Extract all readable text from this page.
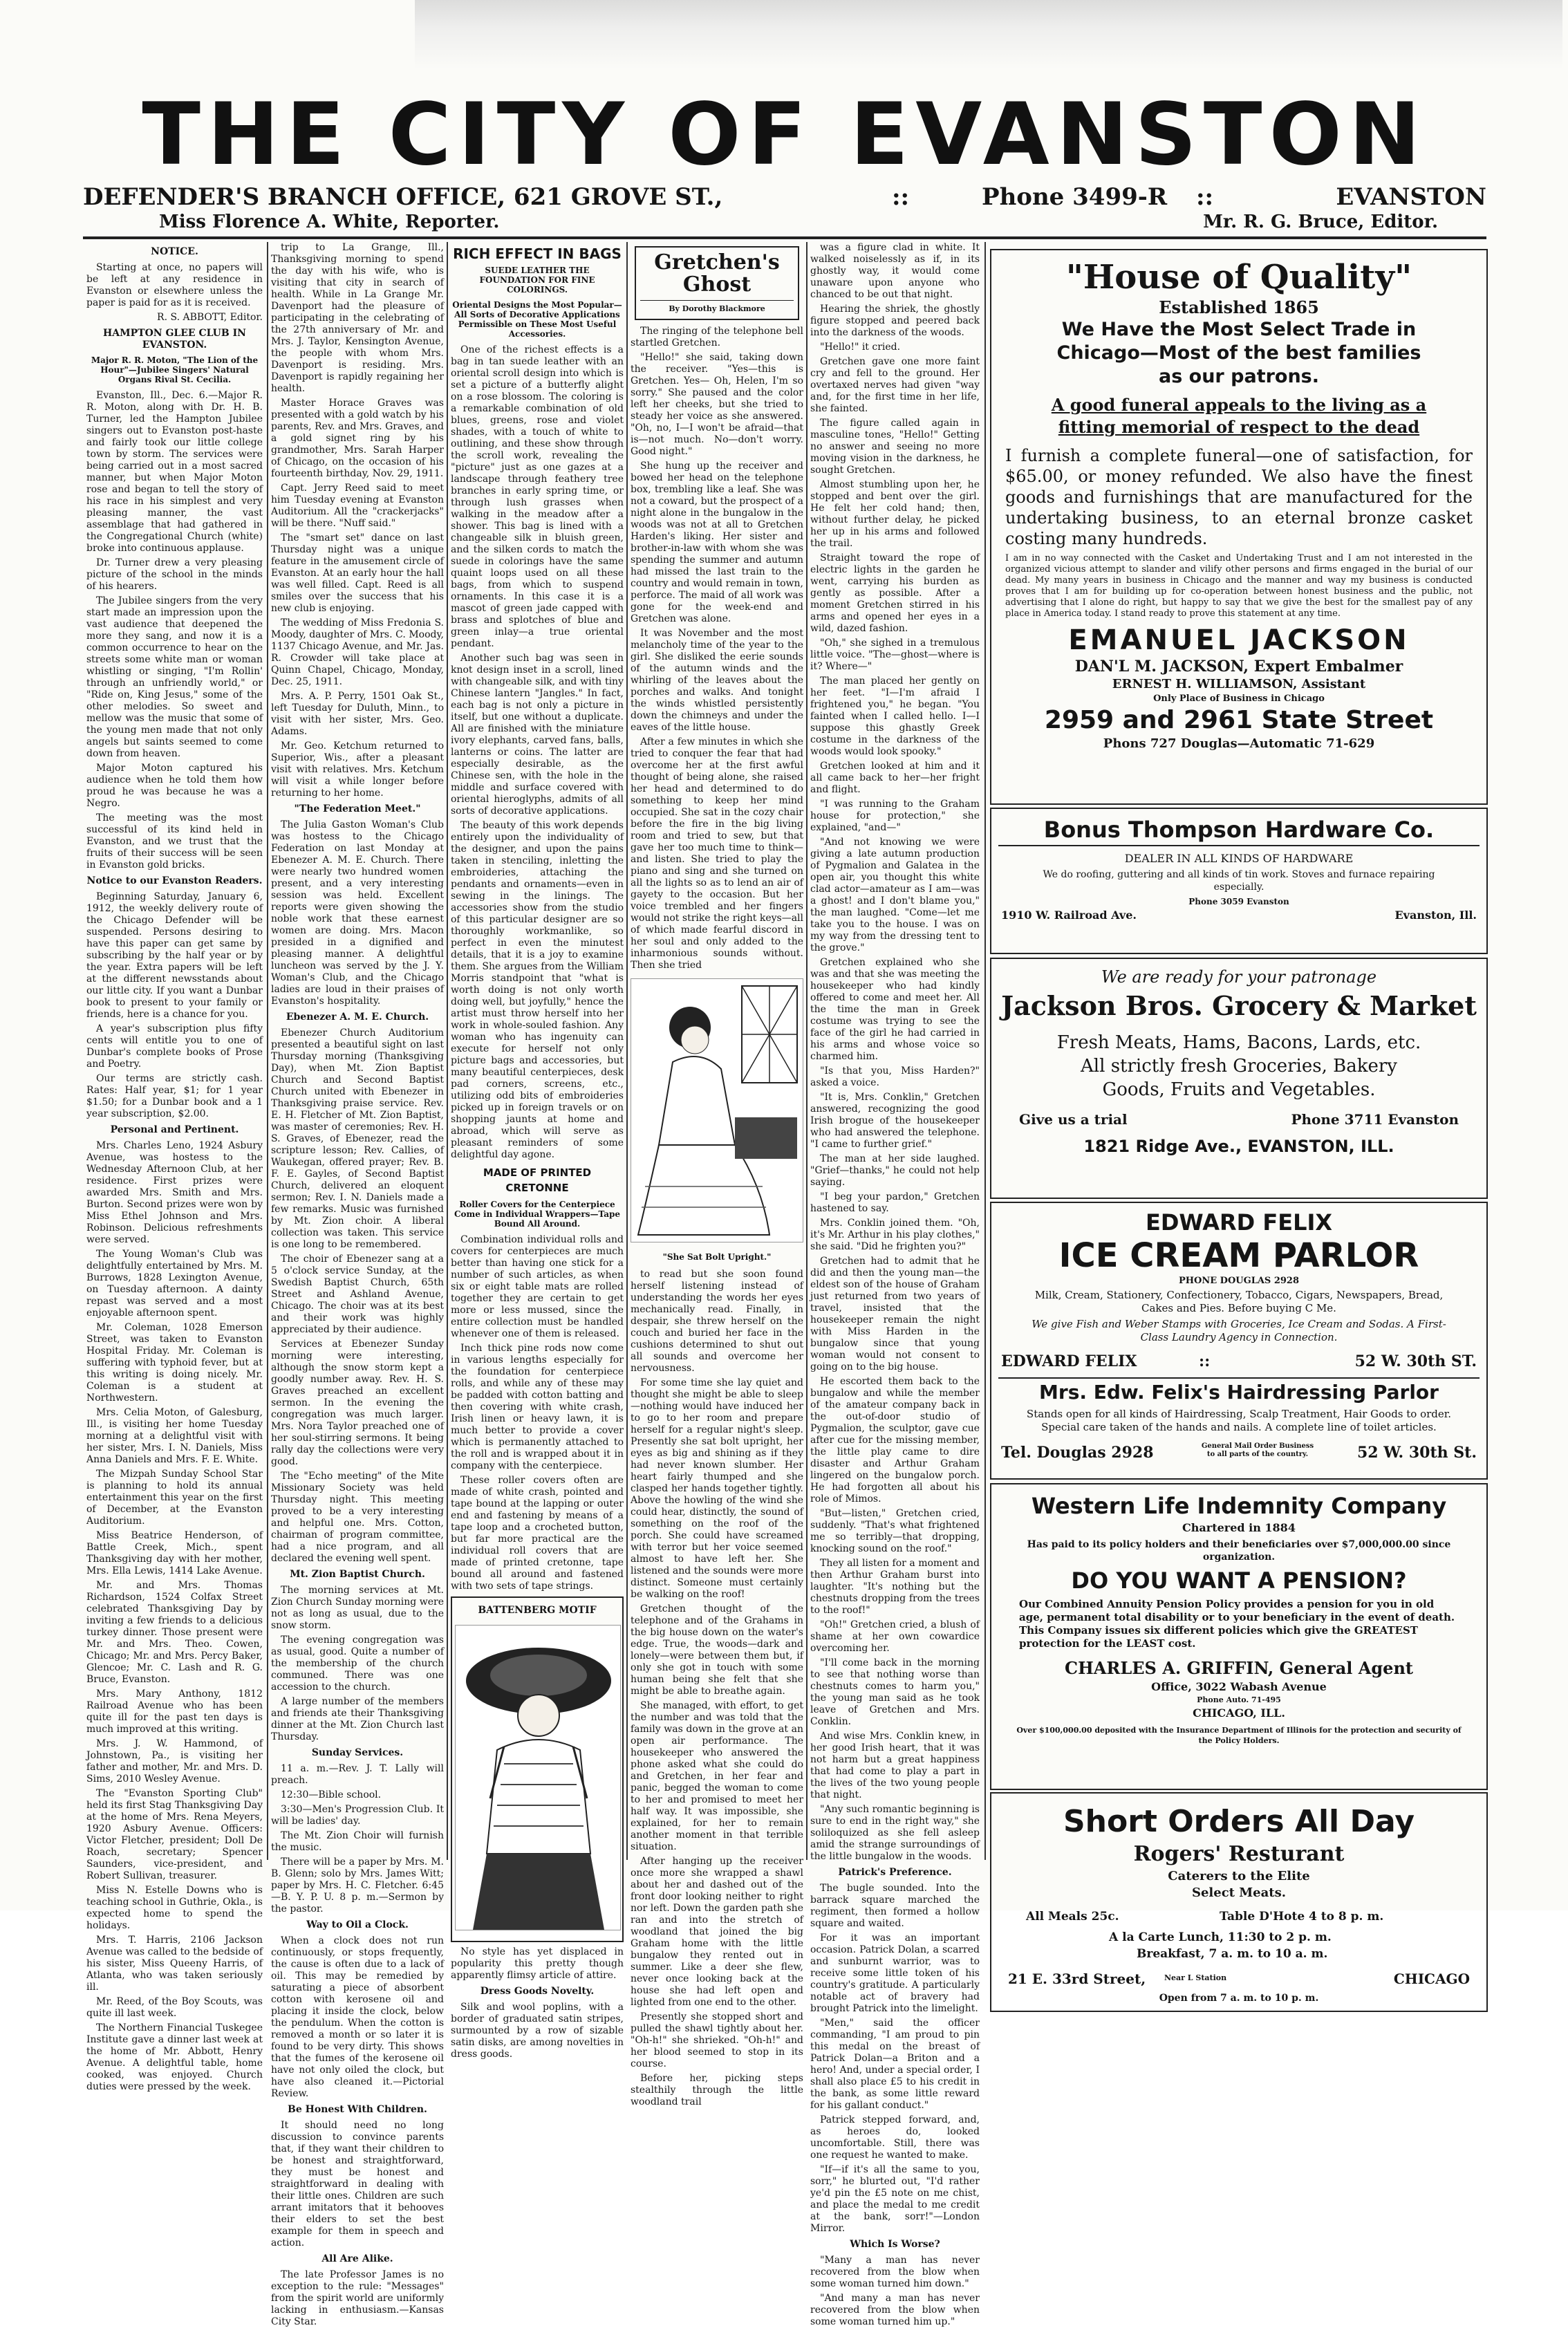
THE CITY OF EVANSTON
DEFENDER'S BRANCH OFFICE, 621 GROVE ST.,	::	Phone 3499-R ::	EVANSTON
Miss Florence A. White, Reporter.	Mr. R. G. Bruce, Editor.
NOTICE.

Starting at once, no papers will be left at any residence in Evanston or elsewhere unless the paper is paid for as it is received.

R. S. ABBOTT, Editor.

HAMPTON GLEE CLUB IN EVANSTON.
Major R. R. Moton, "The Lion of the Hour"—Jubilee Singers' Natural Organs Rival St. Cecilia.

Evanston, Ill., Dec. 6.—Major R. R. Moton, along with Dr. H. B. Turner, led the Hampton Jubilee singers out to Evanston post-haste and fairly took our little college town by storm. The services were being carried out in a most sacred manner, but when Major Moton rose and began to tell the story of his race in his simplest and very pleasing manner, the vast assemblage that had gathered in the Congregational Church (white) broke into continuous applause.

Dr. Turner drew a very pleasing picture of the school in the minds of his hearers.

The Jubilee singers from the very start made an impression upon the vast audience that deepened the more they sang, and now it is a common occurrence to hear on the streets some white man or woman whistling or singing, "I'm Rollin' through an unfriendly world," or "Ride on, King Jesus," some of the other melodies. So sweet and mellow was the music that some of the young men made that not only angels but saints seemed to come down from heaven.

Major Moton captured his audience when he told them how proud he was because he was a Negro.

The meeting was the most successful of its kind held in Evanston, and we trust that the fruits of their success will be seen in Evanston gold bricks.

Notice to our Evanston Readers.

Beginning Saturday, January 6, 1912, the weekly delivery route of the Chicago Defender will be suspended. Persons desiring to have this paper can get same by subscribing by the half year or by the year. Extra papers will be left at the different newsstands about our little city. If you want a Dunbar book to present to your family or friends, here is a chance for you.

A year's subscription plus fifty cents will entitle you to one of Dunbar's complete books of Prose and Poetry.

Our terms are strictly cash. Rates: Half year, $1; for 1 year $1.50; for a Dunbar book and a 1 year subscription, $2.00.

Personal and Pertinent.

Mrs. Charles Leno, 1924 Asbury Avenue, was hostess to the Wednesday Afternoon Club, at her residence. First prizes were awarded Mrs. Smith and Mrs. Burton. Second prizes were won by Miss Ethel Johnson and Mrs. Robinson. Delicious refreshments were served.

The Young Woman's Club was delightfully entertained by Mrs. M. Burrows, 1828 Lexington Avenue, on Tuesday afternoon. A dainty repast was served and a most enjoyable afternoon spent.

Mr. Coleman, 1028 Emerson Street, was taken to Evanston Hospital Friday. Mr. Coleman is suffering with typhoid fever, but at this writing is doing nicely. Mr. Coleman is a student at Northwestern.

Mrs. Celia Moton, of Galesburg, Ill., is visiting her home Tuesday morning at a delightful visit with her sister, Mrs. I. N. Daniels, Miss Anna Daniels and Mrs. F. E. White.

The Mizpah Sunday School Star is planning to hold its annual entertainment this year on the first of December, at the Evanston Auditorium.

Miss Beatrice Henderson, of Battle Creek, Mich., spent Thanksgiving day with her mother, Mrs. Ella Lewis, 1414 Lake Avenue.

Mr. and Mrs. Thomas Richardson, 1524 Colfax Street celebrated Thanksgiving Day by inviting a few friends to a delicious turkey dinner. Those present were Mr. and Mrs. Theo. Cowen, Chicago; Mr. and Mrs. Percy Baker, Glencoe; Mr. C. Lash and R. G. Bruce, Evanston.

Mrs. Mary Anthony, 1812 Railroad Avenue who has been quite ill for the past ten days is much improved at this writing.

Mrs. J. W. Hammond, of Johnstown, Pa., is visiting her father and mother, Mr. and Mrs. D. Sims, 2010 Wesley Avenue.

The "Evanston Sporting Club" held its first Stag Thanksgiving Day at the home of Mrs. Rena Meyers, 1920 Asbury Avenue. Officers: Victor Fletcher, president; Doll De Roach, secretary; Spencer Saunders, vice-president, and Robert Sullivan, treasurer.

Miss N. Estelle Downs who is teaching school in Guthrie, Okla., is expected home to spend the holidays.

Mrs. T. Harris, 2106 Jackson Avenue was called to the bedside of his sister, Miss Queeny Harris, of Atlanta, who was taken seriously ill.

Mr. Reed, of the Boy Scouts, was quite ill last week.

The Northern Financial Tuskegee Institute gave a dinner last week at the home of Mr. Abbott, Henry Avenue. A delightful table, home cooked, was enjoyed. Church duties were pressed by the week.

trip to La Grange, Ill., Thanksgiving morning to spend the day with his wife, who is visiting that city in search of health. While in La Grange Mr. Davenport had the pleasure of participating in the celebrating of the 27th anniversary of Mr. and Mrs. J. Taylor, Kensington Avenue, the people with whom Mrs. Davenport is residing. Mrs. Davenport is rapidly regaining her health.

Master Horace Graves was presented with a gold watch by his parents, Rev. and Mrs. Graves, and a gold signet ring by his grandmother, Mrs. Sarah Harper of Chicago, on the occasion of his fourteenth birthday, Nov. 29, 1911.

Capt. Jerry Reed said to meet him Tuesday evening at Evanston Auditorium. All the "crackerjacks" will be there. "Nuff said."

The "smart set" dance on last Thursday night was a unique feature in the amusement circle of Evanston. At an early hour the hall was well filled. Capt. Reed is all smiles over the success that his new club is enjoying.

The wedding of Miss Fredonia S. Moody, daughter of Mrs. C. Moody, 1137 Chicago Avenue, and Mr. Jas. R. Crowder will take place at Quinn Chapel, Chicago, Monday, Dec. 25, 1911.

Mrs. A. P. Perry, 1501 Oak St., left Tuesday for Duluth, Minn., to visit with her sister, Mrs. Geo. Adams.

Mr. Geo. Ketchum returned to Superior, Wis., after a pleasant visit with relatives. Mrs. Ketchum will visit a while longer before returning to her home.

"The Federation Meet."

The Julia Gaston Woman's Club was hostess to the Chicago Federation on last Monday at Ebenezer A. M. E. Church. There were nearly two hundred women present, and a very interesting session was held. Excellent reports were given showing the noble work that these earnest women are doing. Mrs. Macon presided in a dignified and pleasing manner. A delightful luncheon was served by the J. Y. Woman's Club, and the Chicago ladies are loud in their praises of Evanston's hospitality.

Ebenezer A. M. E. Church.

Ebenezer Church Auditorium presented a beautiful sight on last Thursday morning (Thanksgiving Day), when Mt. Zion Baptist Church and Second Baptist Church united with Ebenezer in Thanksgiving praise service. Rev. E. H. Fletcher of Mt. Zion Baptist, was master of ceremonies; Rev. H. S. Graves, of Ebenezer, read the scripture lesson; Rev. Callies, of Waukegan, offered prayer; Rev. B. F. E. Gayles, of Second Baptist Church, delivered an eloquent sermon; Rev. I. N. Daniels made a few remarks. Music was furnished by Mt. Zion choir. A liberal collection was taken. This service is one long to be remembered.

The choir of Ebenezer sang at a 5 o'clock service Sunday, at the Swedish Baptist Church, 65th Street and Ashland Avenue, Chicago. The choir was at its best and their work was highly appreciated by their audience.

Services at Ebenezer Sunday morning were interesting, although the snow storm kept a goodly number away. Rev. H. S. Graves preached an excellent sermon. In the evening the congregation was much larger. Mrs. Nora Taylor preached one of her soul-stirring sermons. It being rally day the collections were very good.

The "Echo meeting" of the Mite Missionary Society was held Thursday night. This meeting proved to be a very interesting and helpful one. Mrs. Cotton, chairman of program committee, had a nice program, and all declared the evening well spent.

Mt. Zion Baptist Church.

The morning services at Mt. Zion Church Sunday morning were not as long as usual, due to the snow storm.

The evening congregation was as usual, good. Quite a number of the membership of the church communed. There was one accession to the church.

A large number of the members and friends ate their Thanksgiving dinner at the Mt. Zion Church last Thursday.

Sunday Services.

11 a. m.—Rev. J. T. Lally will preach.

12:30—Bible school.

3:30—Men's Progression Club. It will be ladies' day.

The Mt. Zion Choir will furnish the music.

There will be a paper by Mrs. M. B. Glenn; solo by Mrs. James Witt; paper by Mrs. H. C. Fletcher. 6:45—B. Y. P. U. 8 p. m.—Sermon by the pastor.

Way to Oil a Clock.

When a clock does not run continuously, or stops frequently, the cause is often due to a lack of oil. This may be remedied by saturating a piece of absorbent cotton with kerosene oil and placing it inside the clock, below the pendulum. When the cotton is removed a month or so later it is found to be very dirty. This shows that the fumes of the kerosene oil have not only oiled the clock, but have also cleaned it.—Pictorial Review.

Be Honest With Children.

It should need no long discussion to convince parents that, if they want their children to be honest and straightforward, they must be honest and straightforward in dealing with their little ones. Children are such arrant imitators that it behooves their elders to set the best example for them in speech and action.

All Are Alike.

The late Professor James is no exception to the rule: "Messages" from the spirit world are uniformly lacking in enthusiasm.—Kansas City Star.

RICH EFFECT IN BAGS
SUEDE LEATHER THE FOUNDATION FOR FINE COLORINGS.
Oriental Designs the Most Popular—All Sorts of Decorative Applications Permissible on These Most Useful Accessories.

One of the richest effects is a bag in tan suede leather with an oriental scroll design into which is set a picture of a butterfly alight on a rose blossom. The coloring is a remarkable combination of old blues, greens, rose and violet shades, with a touch of white to outlining, and these show through the scroll work, revealing the "picture" just as one gazes at a landscape through feathery tree branches in early spring time, or through lush grasses when walking in the meadow after a shower. This bag is lined with a changeable silk in bluish green, and the silken cords to match the suede in colorings have the same quaint loops used on all these bags, from which to suspend ornaments. In this case it is a mascot of green jade capped with brass and splotches of blue and green inlay—a true oriental pendant.

Another such bag was seen in knot design inset in a scroll, lined with changeable silk, and with tiny Chinese lantern "Jangles." In fact, each bag is not only a picture in itself, but one without a duplicate. All are finished with the miniature ivory elephants, carved fans, balls, lanterns or coins. The latter are especially desirable, as the Chinese sen, with the hole in the middle and surface covered with oriental hieroglyphs, admits of all sorts of decorative applications.

The beauty of this work depends entirely upon the individuality of the designer, and upon the pains taken in stenciling, inletting the embroideries, attaching the pendants and ornaments—even in sewing in the linings. The accessories show from the studio of this particular designer are so thoroughly workmanlike, so perfect in even the minutest details, that it is a joy to examine them. She argues from the William Morris standpoint that "what is worth doing is not only worth doing well, but joyfully," hence the artist must throw herself into her work in whole-souled fashion. Any woman who has ingenuity can execute for herself not only picture bags and accessories, but many beautiful centerpieces, desk pad corners, screens, etc., utilizing odd bits of embroideries picked up in foreign travels or on shopping jaunts at home and abroad, which will serve as pleasant reminders of some delightful day agone.

MADE OF PRINTED CRETONNE
Roller Covers for the Centerpiece Come in Individual Wrappers—Tape Bound All Around.

Combination individual rolls and covers for centerpieces are much better than having one stick for a number of such articles, as when six or eight table mats are rolled together they are certain to get more or less mussed, since the entire collection must be handled whenever one of them is released.

Inch thick pine rods now come in various lengths especially for the foundation for centerpiece rolls, and while any of these may be padded with cotton batting and then covering with white crash, Irish linen or heavy lawn, it is much better to provide a cover which is permanently attached to the roll and is wrapped about it in company with the centerpiece.

These roller covers often are made of white crash, pointed and tape bound at the lapping or outer end and fastening by means of a tape loop and a crocheted button, but far more practical are the individual roll covers that are made of printed cretonne, tape bound all around and fastened with two sets of tape strings.

BATTENBERG MOTIF

No style has yet displaced in popularity this pretty though apparently flimsy article of attire.

Dress Goods Novelty.

Silk and wool poplins, with a border of graduated satin stripes, surmounted by a row of sizable satin disks, are among novelties in dress goods.

Gretchen's
Ghost
By Dorothy Blackmore

The ringing of the telephone bell startled Gretchen.

"Hello!" she said, taking down the receiver. "Yes—this is Gretchen. Yes— Oh, Helen, I'm so sorry." She paused and the color left her cheeks, but she tried to steady her voice as she answered. "Oh, no, I—I won't be afraid—that is—not much. No—don't worry. Good night."

She hung up the receiver and bowed her head on the telephone box, trembling like a leaf. She was not a coward, but the prospect of a night alone in the bungalow in the woods was not at all to Gretchen Harden's liking. Her sister and brother-in-law with whom she was spending the summer and autumn had missed the last train to the country and would remain in town, perforce. The maid of all work was gone for the week-end and Gretchen was alone.

It was November and the most melancholy time of the year to the girl. She disliked the eerie sounds of the autumn winds and the whirling of the leaves about the porches and walks. And tonight the winds whistled persistently down the chimneys and under the eaves of the little house.

After a few minutes in which she tried to conquer the fear that had overcome her at the first awful thought of being alone, she raised her head and determined to do something to keep her mind occupied. She sat in the cozy chair before the fire in the big living room and tried to sew, but that gave her too much time to think—and listen. She tried to play the piano and sing and she turned on all the lights so as to lend an air of gayety to the occasion. But her voice trembled and her fingers would not strike the right keys—all of which made fearful discord in her soul and only added to the inharmonious sounds without. Then she tried

"She Sat Bolt Upright."

to read but she soon found herself listening instead of understanding the words her eyes mechanically read. Finally, in despair, she threw herself on the couch and buried her face in the cushions determined to shut out all sounds and overcome her nervousness.

For some time she lay quiet and thought she might be able to sleep—nothing would have induced her to go to her room and prepare herself for a regular night's sleep. Presently she sat bolt upright, her eyes as big and shining as if they had never known slumber. Her heart fairly thumped and she clasped her hands together tightly. Above the howling of the wind she could hear, distinctly, the sound of something on the roof of the porch. She could have screamed with terror but her voice seemed almost to have left her. She listened and the sounds were more distinct. Someone must certainly be walking on the roof!

Gretchen thought of the telephone and of the Grahams in the big house down on the water's edge. True, the woods—dark and lonely—were between them but, if only she got in touch with some human being she felt that she might be able to breathe again.

She managed, with effort, to get the number and was told that the family was down in the grove at an open air performance. The housekeeper who answered the phone asked what she could do and Gretchen, in her fear and panic, begged the woman to come to her and promised to meet her half way. It was impossible, she explained, for her to remain another moment in that terrible situation.

After hanging up the receiver once more she wrapped a shawl about her and dashed out of the front door looking neither to right nor left. Down the garden path she ran and into the stretch of woodland that joined the big Graham home with the little bungalow they rented out in summer. Like a deer she flew, never once looking back at the house she had left open and lighted from one end to the other.

Presently she stopped short and pulled the shawl tightly about her. "Oh-h!" she shrieked. "Oh-h!" and her blood seemed to stop in its course.

Before her, picking steps stealthily through the little woodland trail

was a figure clad in white. It walked noiselessly as if, in its ghostly way, it would come unaware upon anyone who chanced to be out that night.

Hearing the shriek, the ghostly figure stopped and peered back into the darkness of the woods.

"Hello!" it cried.

Gretchen gave one more faint cry and fell to the ground. Her overtaxed nerves had given "way and, for the first time in her life, she fainted.

The figure called again in masculine tones, "Hello!" Getting no answer and seeing no more moving vision in the darkness, he sought Gretchen.

Almost stumbling upon her, he stopped and bent over the girl. He felt her cold hand; then, without further delay, he picked her up in his arms and followed the trail.

Straight toward the rope of electric lights in the garden he went, carrying his burden as gently as possible. After a moment Gretchen stirred in his arms and opened her eyes in a wild, dazed fashion.

"Oh," she sighed in a tremulous little voice. "The—ghost—where is it? Where—"

The man placed her gently on her feet. "I—I'm afraid I frightened you," he began. "You fainted when I called hello. I—I suppose this ghastly Greek costume in the darkness of the woods would look spooky."

Gretchen looked at him and it all came back to her—her fright and flight.

"I was running to the Graham house for protection," she explained, "and—"

"And not knowing we were giving a late autumn production of Pygmalion and Galatea in the open air, you thought this white clad actor—amateur as I am—was a ghost! and I don't blame you," the man laughed. "Come—let me take you to the house. I was on my way from the dressing tent to the grove."

Gretchen explained who she was and that she was meeting the housekeeper who had kindly offered to come and meet her. All the time the man in Greek costume was trying to see the face of the girl he had carried in his arms and whose voice so charmed him.

"Is that you, Miss Harden?" asked a voice.

"It is, Mrs. Conklin," Gretchen answered, recognizing the good Irish brogue of the housekeeper who had answered the telephone. "I came to further grief."

The man at her side laughed. "Grief—thanks," he could not help saying.

"I beg your pardon," Gretchen hastened to say.

Mrs. Conklin joined them. "Oh, it's Mr. Arthur in his play clothes," she said. "Did he frighten you?"

Gretchen had to admit that he did and then the young man—the eldest son of the house of Graham just returned from two years of travel, insisted that the housekeeper remain the night with Miss Harden in the bungalow since that young woman would not consent to going on to the big house.

He escorted them back to the bungalow and while the member of the amateur company back in the out-of-door studio of Pygmalion, the sculptor, gave cue after cue for the missing member, the little play came to dire disaster and Arthur Graham lingered on the bungalow porch. He had forgotten all about his role of Mimos.

"But—listen," Gretchen cried, suddenly. "That's what frightened me so terribly—that dropping, knocking sound on the roof."

They all listen for a moment and then Arthur Graham burst into laughter. "It's nothing but the chestnuts dropping from the trees to the roof!"

"Oh!" Gretchen cried, a blush of shame at her own cowardice overcoming her.

"I'll come back in the morning to see that nothing worse than chestnuts comes to harm you," the young man said as he took leave of Gretchen and Mrs. Conklin.

And wise Mrs. Conklin knew, in her good Irish heart, that it was not harm but a great happiness that had come to play a part in the lives of the two young people that night.

"Any such romantic beginning is sure to end in the right way," she soliloquized as she fell asleep amid the strange surroundings of the little bungalow in the woods.

Patrick's Preference.

The bugle sounded. Into the barrack square marched the regiment, then formed a hollow square and waited.

For it was an important occasion. Patrick Dolan, a scarred and sunburnt warrior, was to receive some little token of his country's gratitude. A particularly notable act of bravery had brought Patrick into the limelight.

"Men," said the officer commanding, "I am proud to pin this medal on the breast of Patrick Dolan—a Briton and a hero! And, under a special order, I shall also place £5 to his credit in the bank, as some little reward for his gallant conduct."

Patrick stepped forward, and, as heroes do, looked uncomfortable. Still, there was one request he wanted to make.

"If—if it's all the same to you, sorr," he blurted out, "I'd rather ye'd pin the £5 note on me chist, and place the medal to me credit at the bank, sorr!"—London Mirror.

Which Is Worse?

"Many a man has never recovered from the blow when some woman turned him down."

"And many a man has never recovered from the blow when some woman turned him up."

"House of Quality"
Established 1865
We Have the Most Select Trade in
Chicago—Most of the best families
as our patrons.
A good funeral appeals to the living as a
fitting memorial of respect to the dead
I furnish a complete funeral—one of satisfaction, for $65.00, or money refunded. We also have the finest goods and furnishings that are manufactured for the undertaking business, to an eternal bronze casket costing many hundreds.
I am in no way connected with the Casket and Undertaking Trust and I am not interested in the organized vicious attempt to slander and vilify other persons and firms engaged in the burial of our dead. My many years in business in Chicago and the manner and way my business is conducted proves that I am for building up for co-operation between honest business and the public, not advertising that I alone do right, but happy to say that we give the best for the smallest pay of any place in America today. I stand ready to prove this statement at any time.
EMANUEL JACKSON
DAN'L M. JACKSON, Expert Embalmer
ERNEST H. WILLIAMSON, Assistant
Only Place of Business in Chicago
2959 and 2961 State Street
Phons 727 Douglas—Automatic 71-629
Bonus Thompson Hardware Co.
DEALER IN ALL KINDS OF HARDWARE
We do roofing, guttering and all kinds of tin work. Stoves and furnace repairing especially.
Phone 3059 Evanston
1910 W. Railroad Ave.	Evanston, Ill.
We are ready for your patronage
Jackson Bros. Grocery & Market
Fresh Meats, Hams, Bacons, Lards, etc.
All strictly fresh Groceries, Bakery
Goods, Fruits and Vegetables.
Give us a trial	Phone 3711 Evanston
1821 Ridge Ave., EVANSTON, ILL.
EDWARD FELIX
ICE CREAM PARLOR
PHONE DOUGLAS 2928
Milk, Cream, Stationery, Confectionery, Tobacco, Cigars, Newspapers, Bread, Cakes and Pies. Before buying C Me.
We give Fish and Weber Stamps with Groceries, Ice Cream and Sodas. A First-Class Laundry Agency in Connection.
EDWARD FELIX	::	52 W. 30th ST.
Mrs. Edw. Felix's Hairdressing Parlor
Stands open for all kinds of Hairdressing, Scalp Treatment, Hair Goods to order. Special care taken of the hands and nails. A complete line of toilet articles.
Tel. Douglas 2928	General Mail Order Business to all parts of the country.	52 W. 30th St.
Western Life Indemnity Company
Chartered in 1884
Has paid to its policy holders and their beneficiaries over $7,000,000.00 since organization.
DO YOU WANT A PENSION?
Our Combined Annuity Pension Policy provides a pension for you in old age, permanent total disability or to your beneficiary in the event of death. This Company issues six different policies which give the GREATEST protection for the LEAST cost.
CHARLES A. GRIFFIN, General Agent
Office, 3022 Wabash Avenue
Phone Auto. 71-495
CHICAGO, ILL.
Over $100,000.00 deposited with the Insurance Department of Illinois for the protection and security of the Policy Holders.
Short Orders All Day
Rogers' Resturant
Caterers to the Elite
Select Meats.
All Meals 25c.	Table D'Hote 4 to 8 p. m.
A la Carte Lunch, 11:30 to 2 p. m.
Breakfast, 7 a. m. to 10 a. m.
21 E. 33rd Street, Near L Station	CHICAGO
Open from 7 a. m. to 10 p. m.
